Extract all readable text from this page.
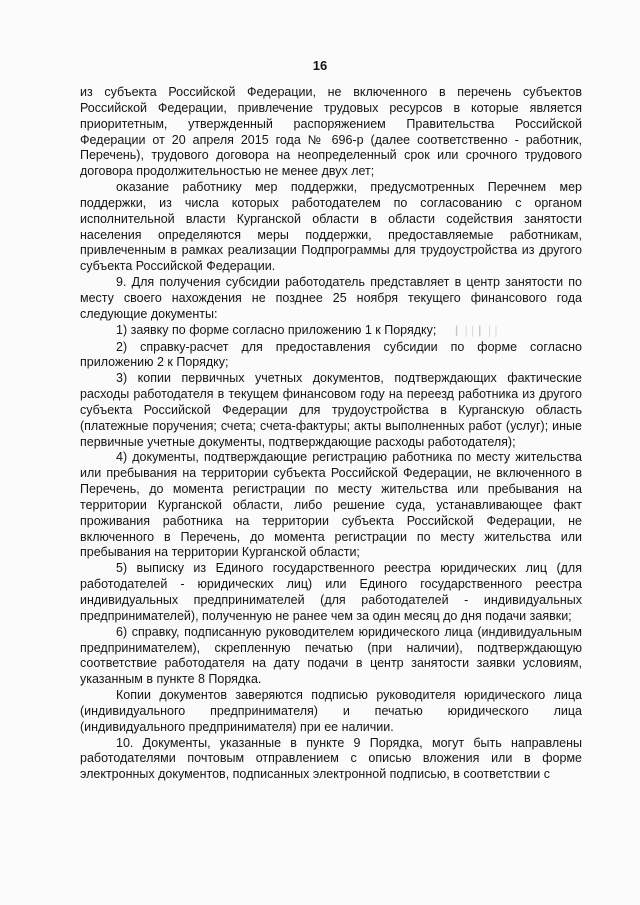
16

из субъекта Российской Федерации, не включенного в перечень субъектов Российской Федерации, привлечение трудовых ресурсов в которые является приоритетным, утвержденный распоряжением Правительства Российской Федерации от 20 апреля 2015 года № 696-р (далее соответственно - работник, Перечень), трудового договора на неопределенный срок или срочного трудового договора продолжительностью не менее двух лет;

оказание работнику мер поддержки, предусмотренных Перечнем мер поддержки, из числа которых работодателем по согласованию с органом исполнительной власти Курганской области в области содействия занятости населения определяются меры поддержки, предоставляемые работникам, привлеченным в рамках реализации Подпрограммы для трудоустройства из другого субъекта Российской Федерации.

9. Для получения субсидии работодатель представляет в центр занятости по месту своего нахождения не позднее 25 ноября текущего финансового года следующие документы:

1) заявку по форме согласно приложению 1 к Порядку;     ┃ ││┃ ││

2) справку-расчет для предоставления субсидии по форме согласно приложению 2 к Порядку;

3) копии первичных учетных документов, подтверждающих фактические расходы работодателя в текущем финансовом году на переезд работника из другого субъекта Российской Федерации для трудоустройства в Курганскую область (платежные поручения; счета; счета-фактуры; акты выполненных работ (услуг); иные первичные учетные документы, подтверждающие расходы работодателя);

4) документы, подтверждающие регистрацию работника по месту жительства или пребывания на территории субъекта Российской Федерации, не включенного в Перечень, до момента регистрации по месту жительства или пребывания на территории Курганской области, либо решение суда, устанавливающее факт проживания работника на территории субъекта Российской Федерации, не включенного в Перечень, до момента регистрации по месту жительства или пребывания на территории Курганской области;

5) выписку из Единого государственного реестра юридических лиц (для работодателей - юридических лиц) или Единого государственного реестра индивидуальных предпринимателей (для работодателей - индивидуальных предпринимателей), полученную не ранее чем за один месяц до дня подачи заявки;

6) справку, подписанную руководителем юридического лица (индивидуальным предпринимателем), скрепленную печатью (при наличии), подтверждающую соответствие работодателя на дату подачи в центр занятости заявки условиям, указанным в пункте 8 Порядка.

Копии документов заверяются подписью руководителя юридического лица (индивидуального предпринимателя) и печатью юридического лица (индивидуального предпринимателя) при ее наличии.

10. Документы, указанные в пункте 9 Порядка, могут быть направлены работодателями почтовым отправлением с описью вложения или в форме электронных документов, подписанных электронной подписью, в соответствии с
